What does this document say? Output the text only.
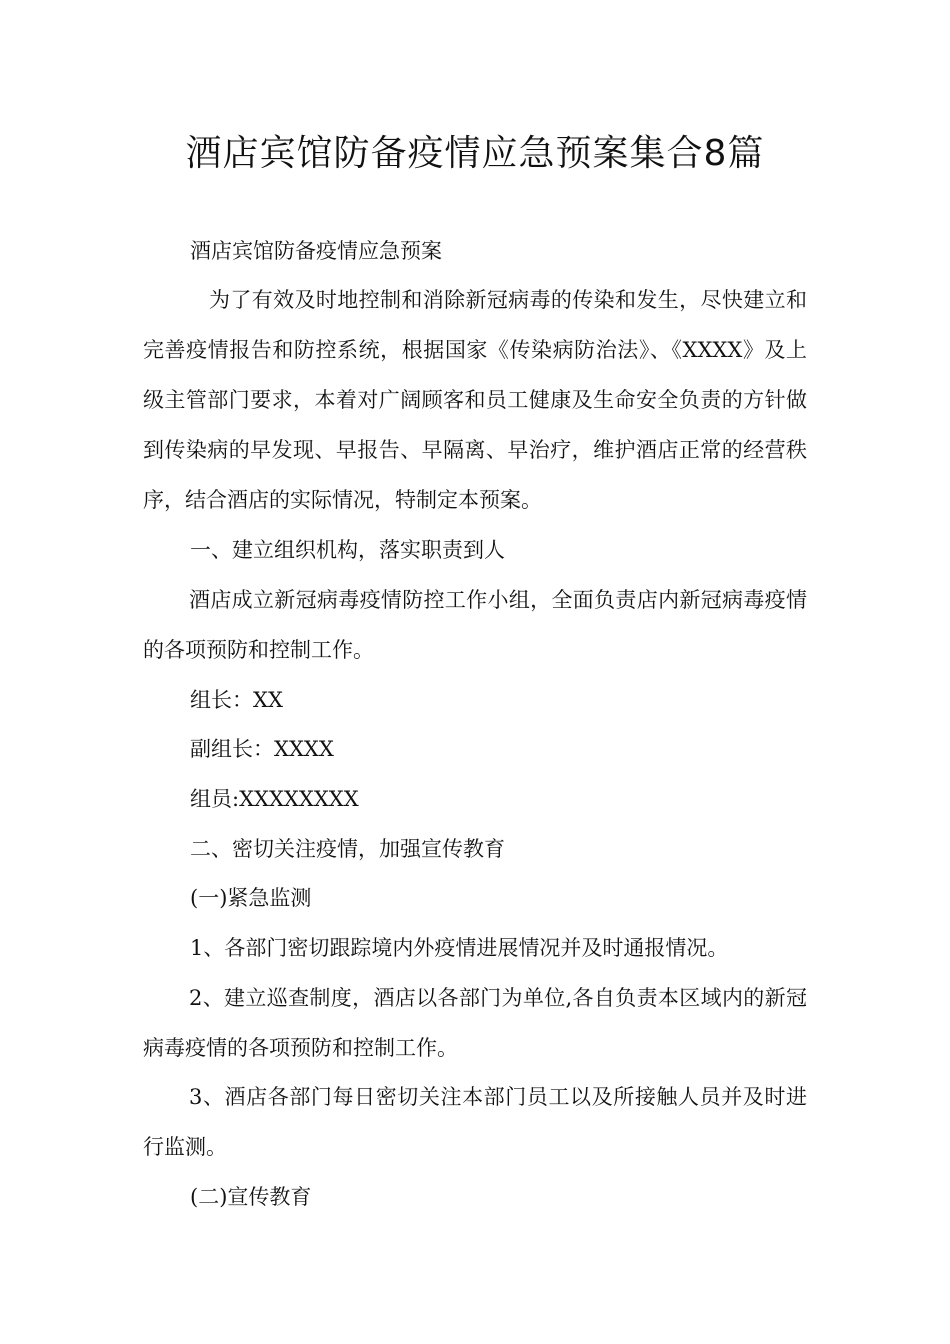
酒店宾馆防备疫情应急预案集合8篇

酒店宾馆防备疫情应急预案

为了有效及时地控制和消除新冠病毒的传染和发生，尽快建立和完善疫情报告和防控系统，根据国家《传染病防治法》、《XXXX》及上级主管部门要求，本着对广阔顾客和员工健康及生命安全负责的方针做到传染病的早发现、早报告、早隔离、早治疗，维护酒店正常的经营秩序，结合酒店的实际情况，特制定本预案。

一、建立组织机构，落实职责到人

酒店成立新冠病毒疫情防控工作小组，全面负责店内新冠病毒疫情的各项预防和控制工作。

组长：XX

副组长：XXXX

组员:XXXXXXXX

二、密切关注疫情，加强宣传教育

(一)紧急监测

1、各部门密切跟踪境内外疫情进展情况并及时通报情况。

2、建立巡查制度，酒店以各部门为单位,各自负责本区域内的新冠病毒疫情的各项预防和控制工作。

3、酒店各部门每日密切关注本部门员工以及所接触人员并及时进行监测。

(二)宣传教育
